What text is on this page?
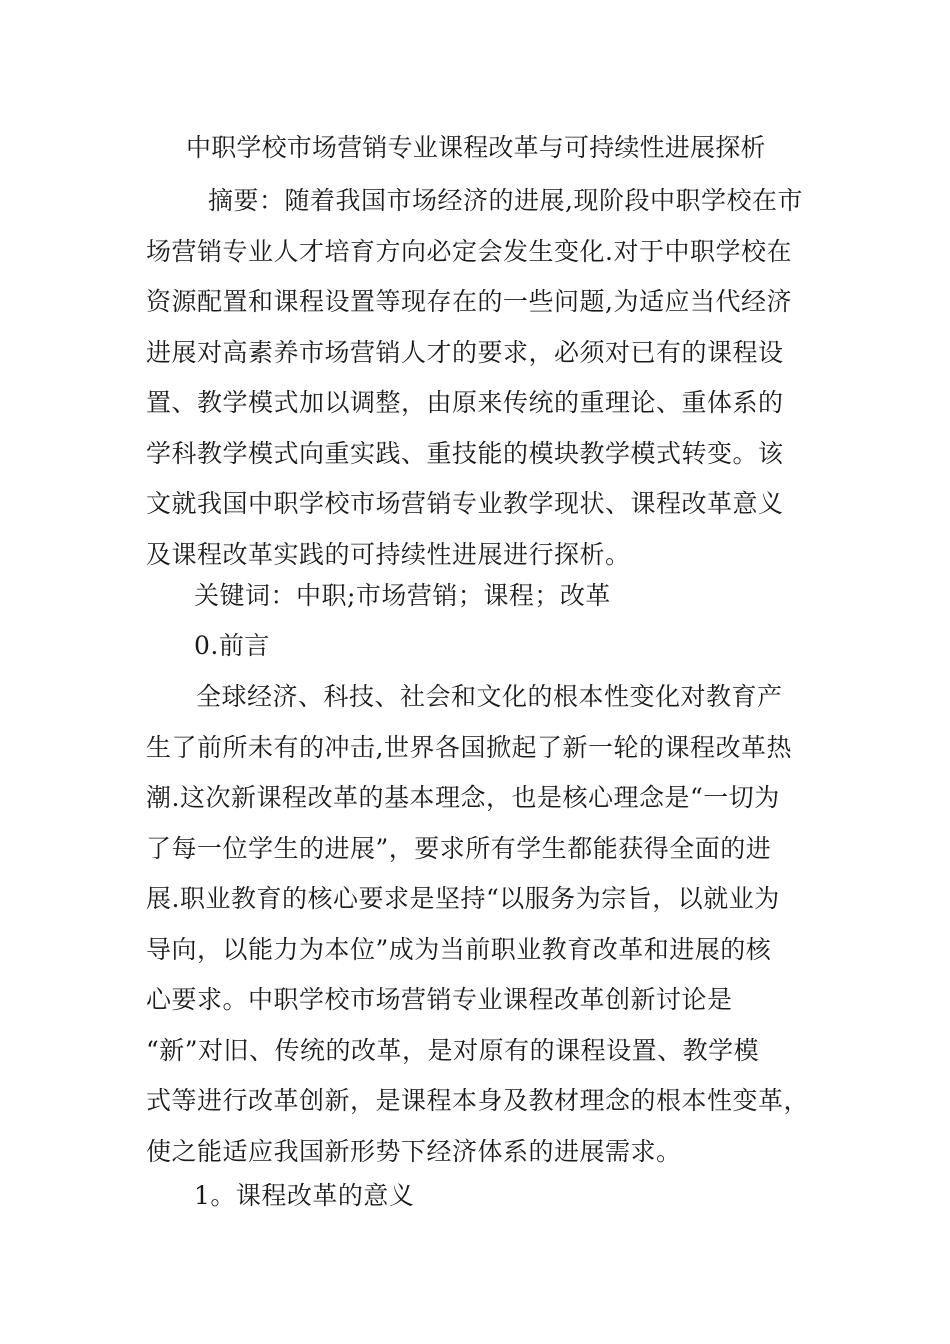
中职学校市场营销专业课程改革与可持续性进展探析
摘要：随着我国市场经济的进展,现阶段中职学校在市
场营销专业人才培育方向必定会发生变化.对于中职学校在
资源配置和课程设置等现存在的一些问题,为适应当代经济
进展对高素养市场营销人才的要求，必须对已有的课程设
置、教学模式加以调整，由原来传统的重理论、重体系的
学科教学模式向重实践、重技能的模块教学模式转变。该
文就我国中职学校市场营销专业教学现状、课程改革意义
及课程改革实践的可持续性进展进行探析。
关键词：中职;市场营销；课程；改革
0.前言
全球经济、科技、社会和文化的根本性变化对教育产
生了前所未有的冲击,世界各国掀起了新一轮的课程改革热
潮.这次新课程改革的基本理念，也是核心理念是“一切为
了每一位学生的进展”，要求所有学生都能获得全面的进
展.职业教育的核心要求是坚持“以服务为宗旨，以就业为
导向，以能力为本位”成为当前职业教育改革和进展的核
心要求。中职学校市场营销专业课程改革创新讨论是
“新”对旧、传统的改革，是对原有的课程设置、教学模
式等进行改革创新，是课程本身及教材理念的根本性变革，
使之能适应我国新形势下经济体系的进展需求。
1。课程改革的意义
